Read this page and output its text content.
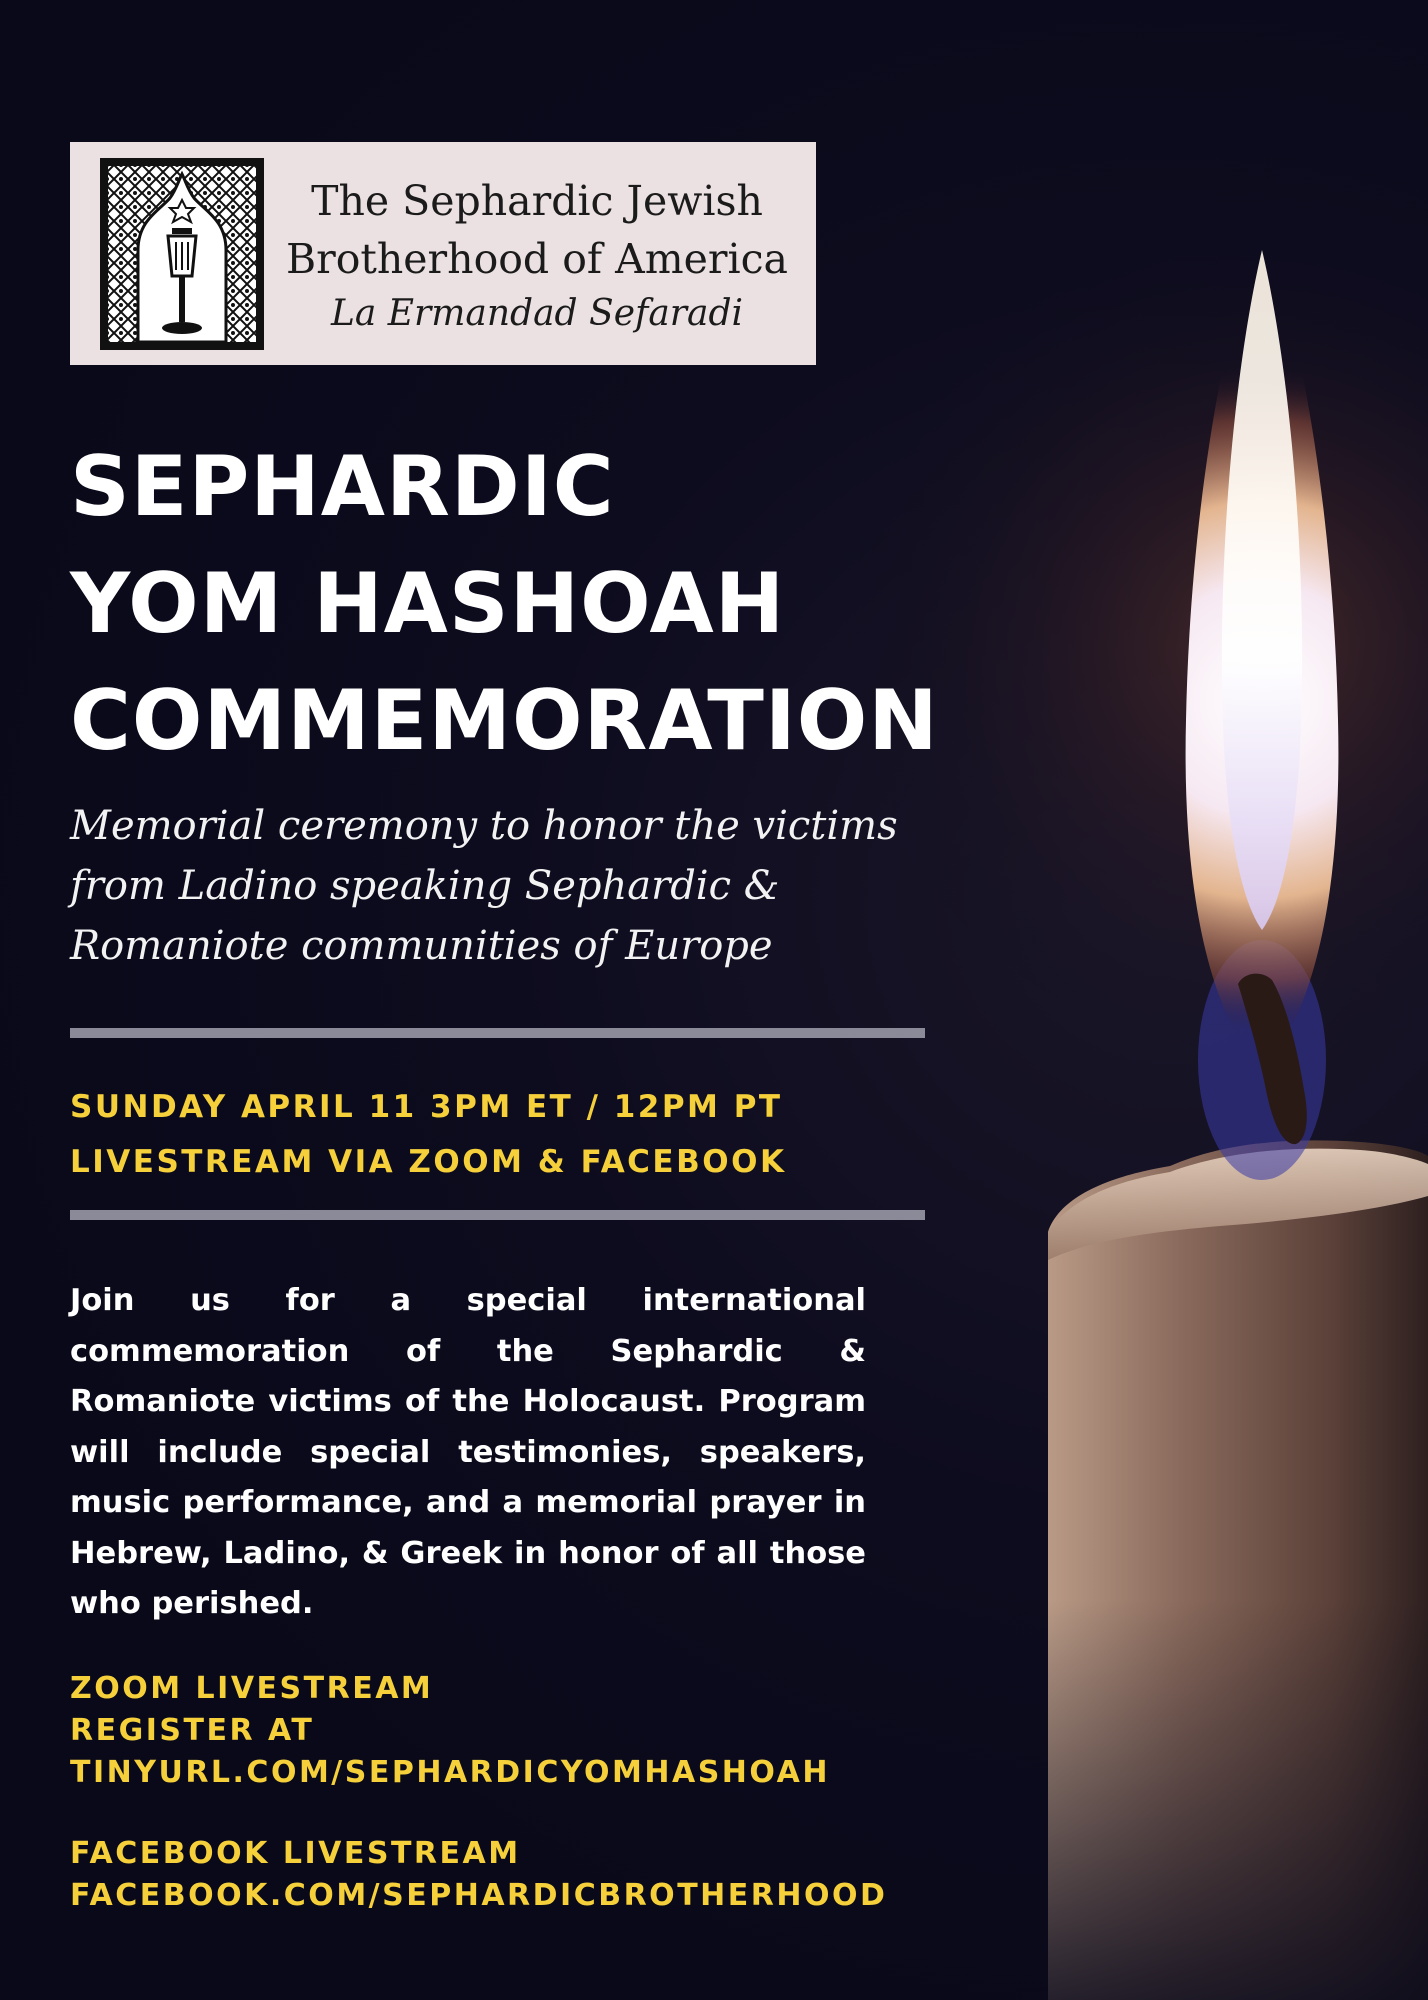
The Sephardic Jewish
Brotherhood of America
La Ermandad Sefaradi
SEPHARDIC
YOM HASHOAH
COMMEMORATION
Memorial ceremony to honor the victims
from Ladino speaking Sephardic &
Romaniote communities of Europe
SUNDAY APRIL 11 3PM ET / 12PM PT
LIVESTREAM VIA ZOOM & FACEBOOK
Join us for a special international commemoration of the Sephardic & Romaniote victims of the Holocaust. Program will include special testimonies, speakers, music performance, and a memorial prayer in Hebrew, Ladino, & Greek in honor of all those who perished.
ZOOM LIVESTREAM
REGISTER AT
TINYURL.COM/SEPHARDICYOMHASHOAH
FACEBOOK LIVESTREAM
FACEBOOK.COM/SEPHARDICBROTHERHOOD
